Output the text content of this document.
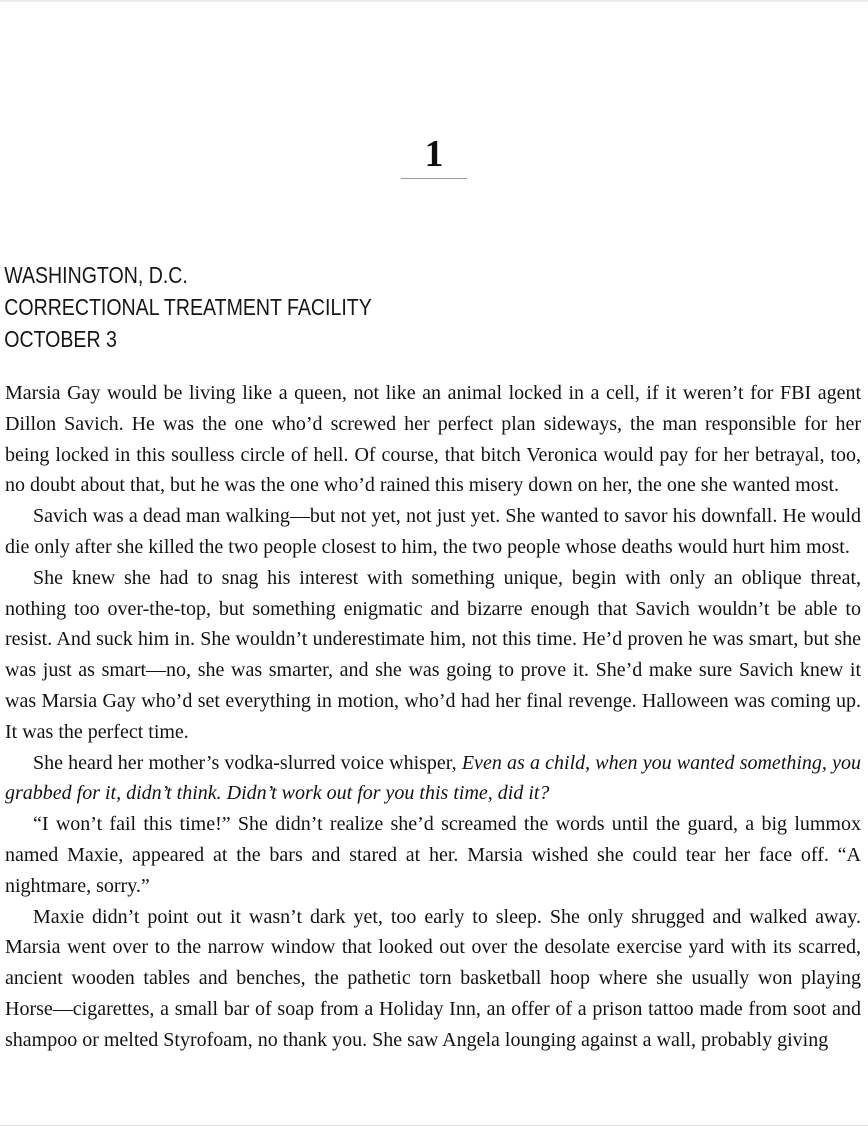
1
WASHINGTON, D.C.
CORRECTIONAL TREATMENT FACILITY
OCTOBER 3

Marsia Gay would be living like a queen, not like an animal locked in a cell, if it weren’t for FBI agent Dillon Savich. He was the one who’d screwed her perfect plan sideways, the man responsible for her being locked in this soulless circle of hell. Of course, that bitch Veronica would pay for her betrayal, too, no doubt about that, but he was the one who’d rained this misery down on her, the one she wanted most.

Savich was a dead man walking—but not yet, not just yet. She wanted to savor his downfall. He would die only after she killed the two people closest to him, the two people whose deaths would hurt him most.

She knew she had to snag his interest with something unique, begin with only an oblique threat, nothing too over-the-top, but something enigmatic and bizarre enough that Savich wouldn’t be able to resist. And suck him in. She wouldn’t underestimate him, not this time. He’d proven he was smart, but she was just as smart—no, she was smarter, and she was going to prove it. She’d make sure Savich knew it was Marsia Gay who’d set everything in motion, who’d had her final revenge. Halloween was coming up. It was the perfect time.

She heard her mother’s vodka-slurred voice whisper, Even as a child, when you wanted something, you grabbed for it, didn’t think. Didn’t work out for you this time, did it?

“I won’t fail this time!” She didn’t realize she’d screamed the words until the guard, a big lummox named Maxie, appeared at the bars and stared at her. Marsia wished she could tear her face off. “A nightmare, sorry.”

Maxie didn’t point out it wasn’t dark yet, too early to sleep. She only shrugged and walked away. Marsia went over to the narrow window that looked out over the desolate exercise yard with its scarred, ancient wooden tables and benches, the pathetic torn basketball hoop where she usually won playing Horse—cigarettes, a small bar of soap from a Holiday Inn, an offer of a prison tattoo made from soot and shampoo or melted Styrofoam, no thank you. She saw Angela lounging against a wall, probably giving
